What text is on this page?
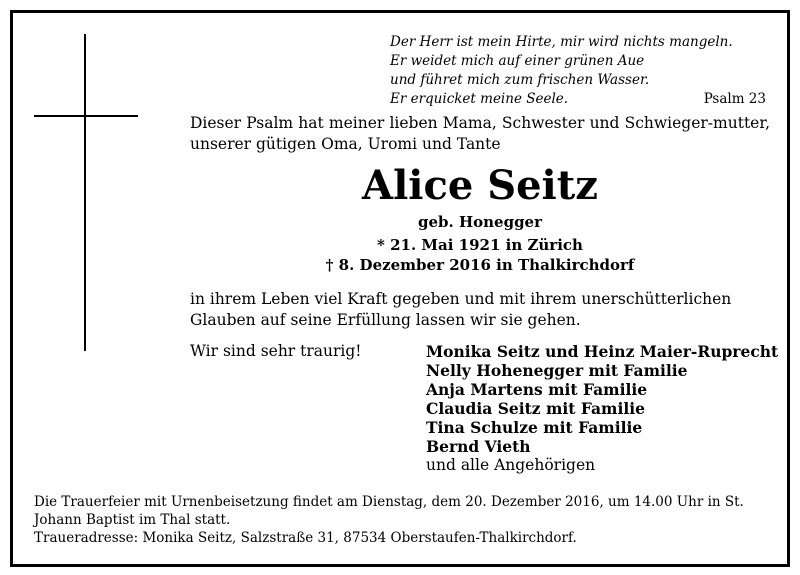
Der Herr ist mein Hirte, mir wird nichts mangeln.
Er weidet mich auf einer grünen Aue
und führet mich zum frischen Wasser.
Er erquicket meine Seele.	Psalm 23
Dieser Psalm hat meiner lieben Mama, Schwester und Schwieger-mutter, unserer gütigen Oma, Uromi und Tante
Alice Seitz
geb. Honegger
* 21. Mai 1921 in Zürich
† 8. Dezember 2016 in Thalkirchdorf
in ihrem Leben viel Kraft gegeben und mit ihrem unerschütterlichen Glauben auf seine Erfüllung lassen wir sie gehen.
Wir sind sehr traurig!	Monika Seitz und Heinz Maier-Ruprecht
Nelly Hohenegger mit Familie
Anja Martens mit Familie
Claudia Seitz mit Familie
Tina Schulze mit Familie
Bernd Vieth
und alle Angehörigen
Die Trauerfeier mit Urnenbeisetzung findet am Dienstag, dem 20. Dezember 2016, um 14.00 Uhr in St. Johann Baptist im Thal statt.
Traueradresse: Monika Seitz, Salzstraße 31, 87534 Oberstaufen-Thalkirchdorf.
